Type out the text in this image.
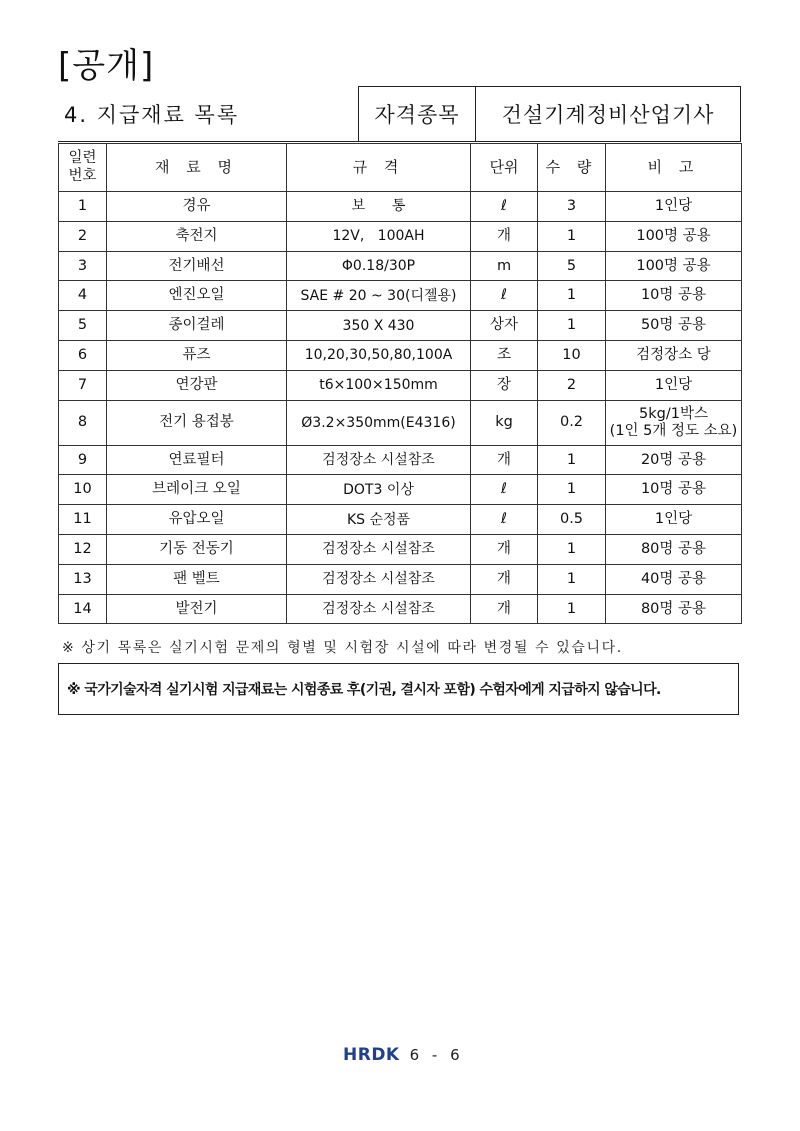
[공개]
4. 지급재료 목록	자격종목	건설기계정비산업기사
일련
번호	재 료 명	규 격	단위	수 량	비 고
1	경유	보      통	ℓ	3	1인당
2	축전지	12V,   100AH	개	1	100명 공용
3	전기배선	Φ0.18/30P	m	5	100명 공용
4	엔진오일	SAE # 20 ~ 30(디젤용)	ℓ	1	10명 공용
5	종이걸레	350 X 430	상자	1	50명 공용
6	퓨즈	10,20,30,50,80,100A	조	10	검정장소 당
7	연강판	t6×100×150mm	장	2	1인당
8	전기 용접봉	Ø3.2×350mm(E4316)	kg	0.2	5kg/1박스
(1인 5개 정도 소요)
9	연료필터	검정장소 시설참조	개	1	20명 공용
10	브레이크 오일	DOT3 이상	ℓ	1	10명 공용
11	유압오일	KS 순정품	ℓ	0.5	1인당
12	기동 전동기	검정장소 시설참조	개	1	80명 공용
13	팬 벨트	검정장소 시설참조	개	1	40명 공용
14	발전기	검정장소 시설참조	개	1	80명 공용
※ 상기 목록은 실기시험 문제의 형별 및 시험장 시설에 따라 변경될 수 있습니다.
※ 국가기술자격 실기시험 지급재료는 시험종료 후(기권, 결시자 포함) 수험자에게 지급하지 않습니다.
HRDK 6 - 6
